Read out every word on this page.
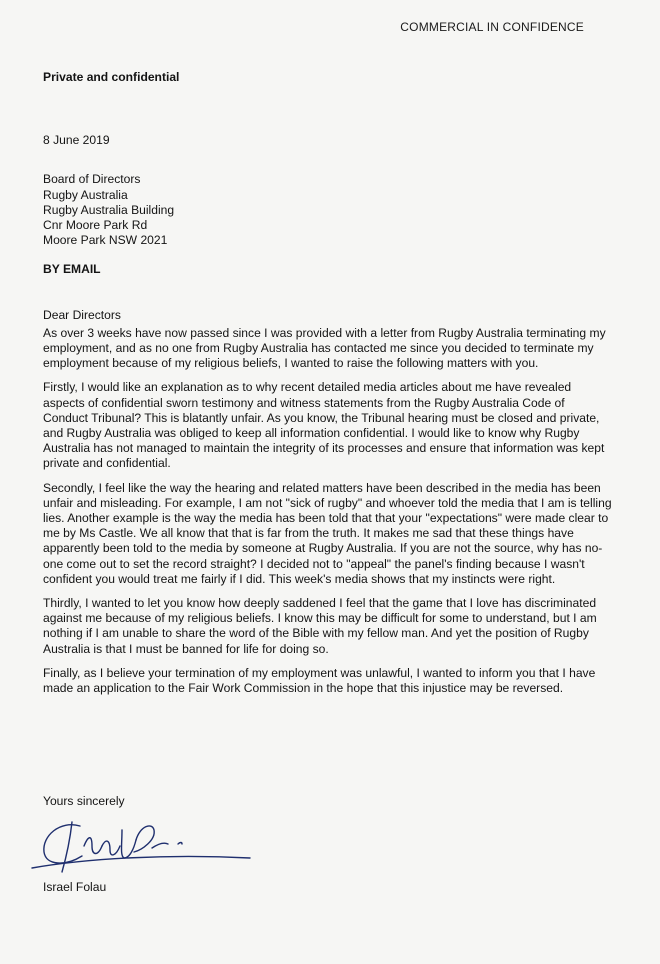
COMMERCIAL IN CONFIDENCE
Private and confidential
8 June 2019
Board of Directors
Rugby Australia
Rugby Australia Building
Cnr Moore Park Rd
Moore Park NSW 2021
BY EMAIL
Dear Directors

As over 3 weeks have now passed since I was provided with a letter from Rugby Australia terminating my employment, and as no one from Rugby Australia has contacted me since you decided to terminate my employment because of my religious beliefs, I wanted to raise the following matters with you.

Firstly, I would like an explanation as to why recent detailed media articles about me have revealed aspects of confidential sworn testimony and witness statements from the Rugby Australia Code of Conduct Tribunal? This is blatantly unfair. As you know, the Tribunal hearing must be closed and private, and Rugby Australia was obliged to keep all information confidential. I would like to know why Rugby Australia has not managed to maintain the integrity of its processes and ensure that information was kept private and confidential.

Secondly, I feel like the way the hearing and related matters have been described in the media has been unfair and misleading. For example, I am not "sick of rugby" and whoever told the media that I am is telling lies. Another example is the way the media has been told that that your "expectations" were made clear to me by Ms Castle. We all know that that is far from the truth. It makes me sad that these things have apparently been told to the media by someone at Rugby Australia. If you are not the source, why has no-one come out to set the record straight? I decided not to "appeal" the panel's finding because I wasn't confident you would treat me fairly if I did. This week's media shows that my instincts were right.

Thirdly, I wanted to let you know how deeply saddened I feel that the game that I love has discriminated against me because of my religious beliefs. I know this may be difficult for some to understand, but I am nothing if I am unable to share the word of the Bible with my fellow man. And yet the position of Rugby Australia is that I must be banned for life for doing so.

Finally, as I believe your termination of my employment was unlawful, I wanted to inform you that I have made an application to the Fair Work Commission in the hope that this injustice may be reversed.

Yours sincerely
Israel Folau
